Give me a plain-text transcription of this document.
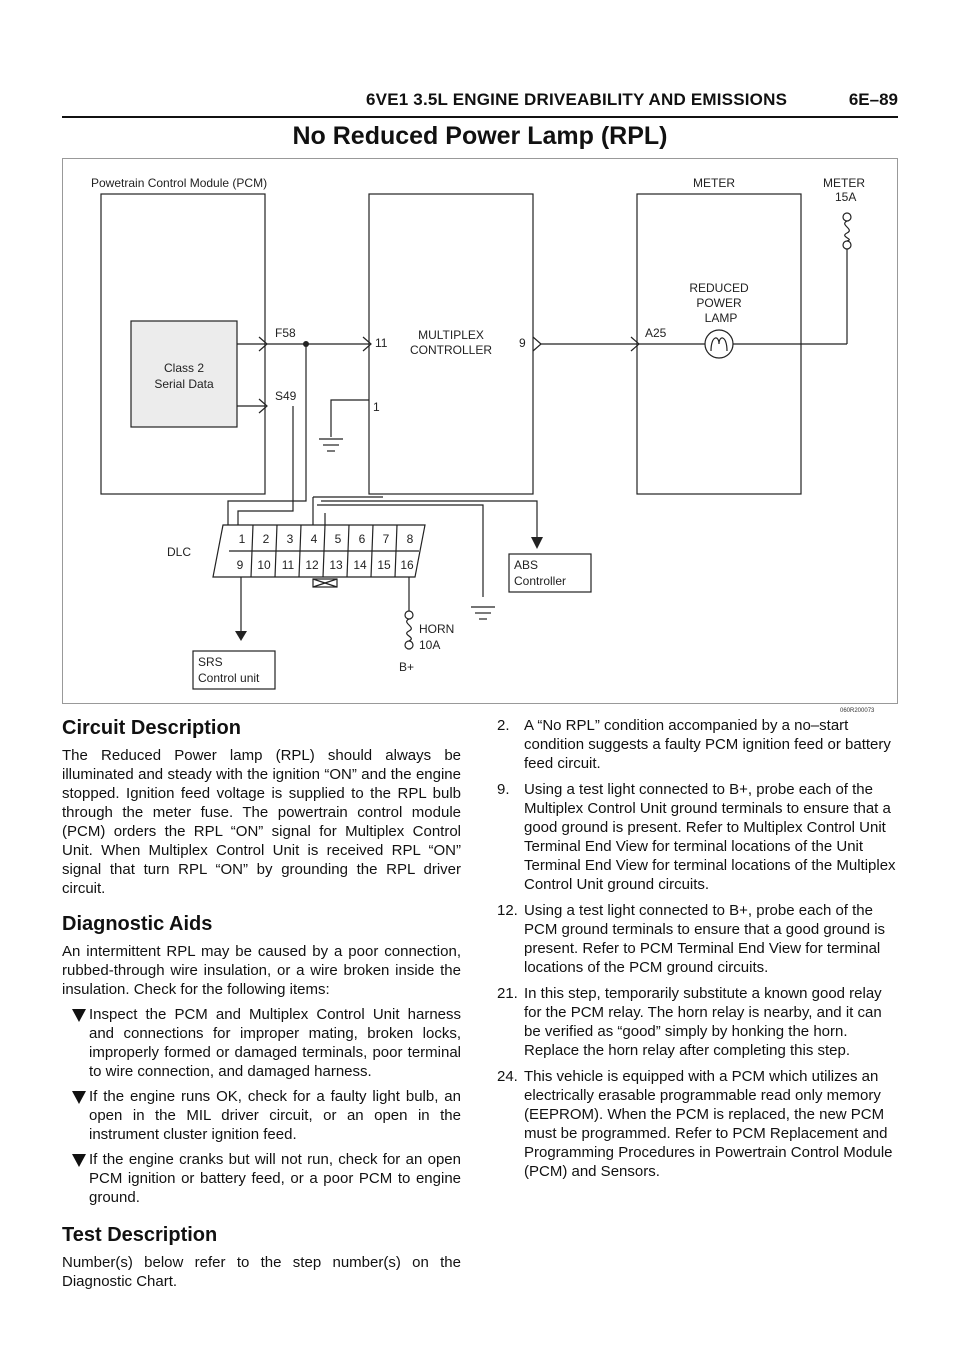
6VE1 3.5L ENGINE DRIVEABILITY AND EMISSIONS	6E–89
No Reduced Power Lamp (RPL)
Powetrain Control Module (PCM)	METER	METER
15A
Class 2
Serial Data
F58
S49
MULTIPLEX
CONTROLLER
11	9
1
A25
REDUCED
POWER
LAMP
DLC
1 2 3 4 5 6 7 8
9 10 11 12 13 14 15 16	ABS
Controller
SRS
Control unit
HORN
10A
B+
060R200073
Circuit Description

The Reduced Power lamp (RPL) should always be illuminated and steady with the ignition “ON” and the engine stopped. Ignition feed voltage is supplied to the RPL bulb through the meter fuse. The powertrain control module (PCM) orders the RPL “ON” signal for Multiplex Control Unit. When Multiplex Control Unit is received RPL “ON” signal that turn RPL “ON” by grounding the RPL driver circuit.

Diagnostic Aids

An intermittent RPL may be caused by a poor connection, rubbed-through wire insulation, or a wire broken inside the insulation. Check for the following items:

Inspect the PCM and Multiplex Control Unit harness and connections for improper mating, broken locks, improperly formed or damaged terminals, poor terminal to wire connection, and damaged harness.
If the engine runs OK, check for a faulty light bulb, an open in the MIL driver circuit, or an open in the instrument cluster ignition feed.
If the engine cranks but will not run, check for an open PCM ignition or battery feed, or a poor PCM to engine ground.
Test Description

Number(s) below refer to the step number(s) on the Diagnostic Chart.

2. A “No RPL” condition accompanied by a no–start condition suggests a faulty PCM ignition feed or battery feed circuit.
9. Using a test light connected to B+, probe each of the Multiplex Control Unit ground terminals to ensure that a good ground is present. Refer to Multiplex Control Unit Terminal End View for terminal locations of the Unit Terminal End View for terminal locations of the Multiplex Control Unit ground circuits.
12. Using a test light connected to B+, probe each of the PCM ground terminals to ensure that a good ground is present. Refer to PCM Terminal End View for terminal locations of the PCM ground circuits.
21. In this step, temporarily substitute a known good relay for the PCM relay. The horn relay is nearby, and it can be verified as “good” simply by honking the horn. Replace the horn relay after completing this step.
24. This vehicle is equipped with a PCM which utilizes an electrically erasable programmable read only memory (EEPROM). When the PCM is replaced, the new PCM must be programmed. Refer to PCM Replacement and Programming Procedures in Powertrain Control Module (PCM) and Sensors.
